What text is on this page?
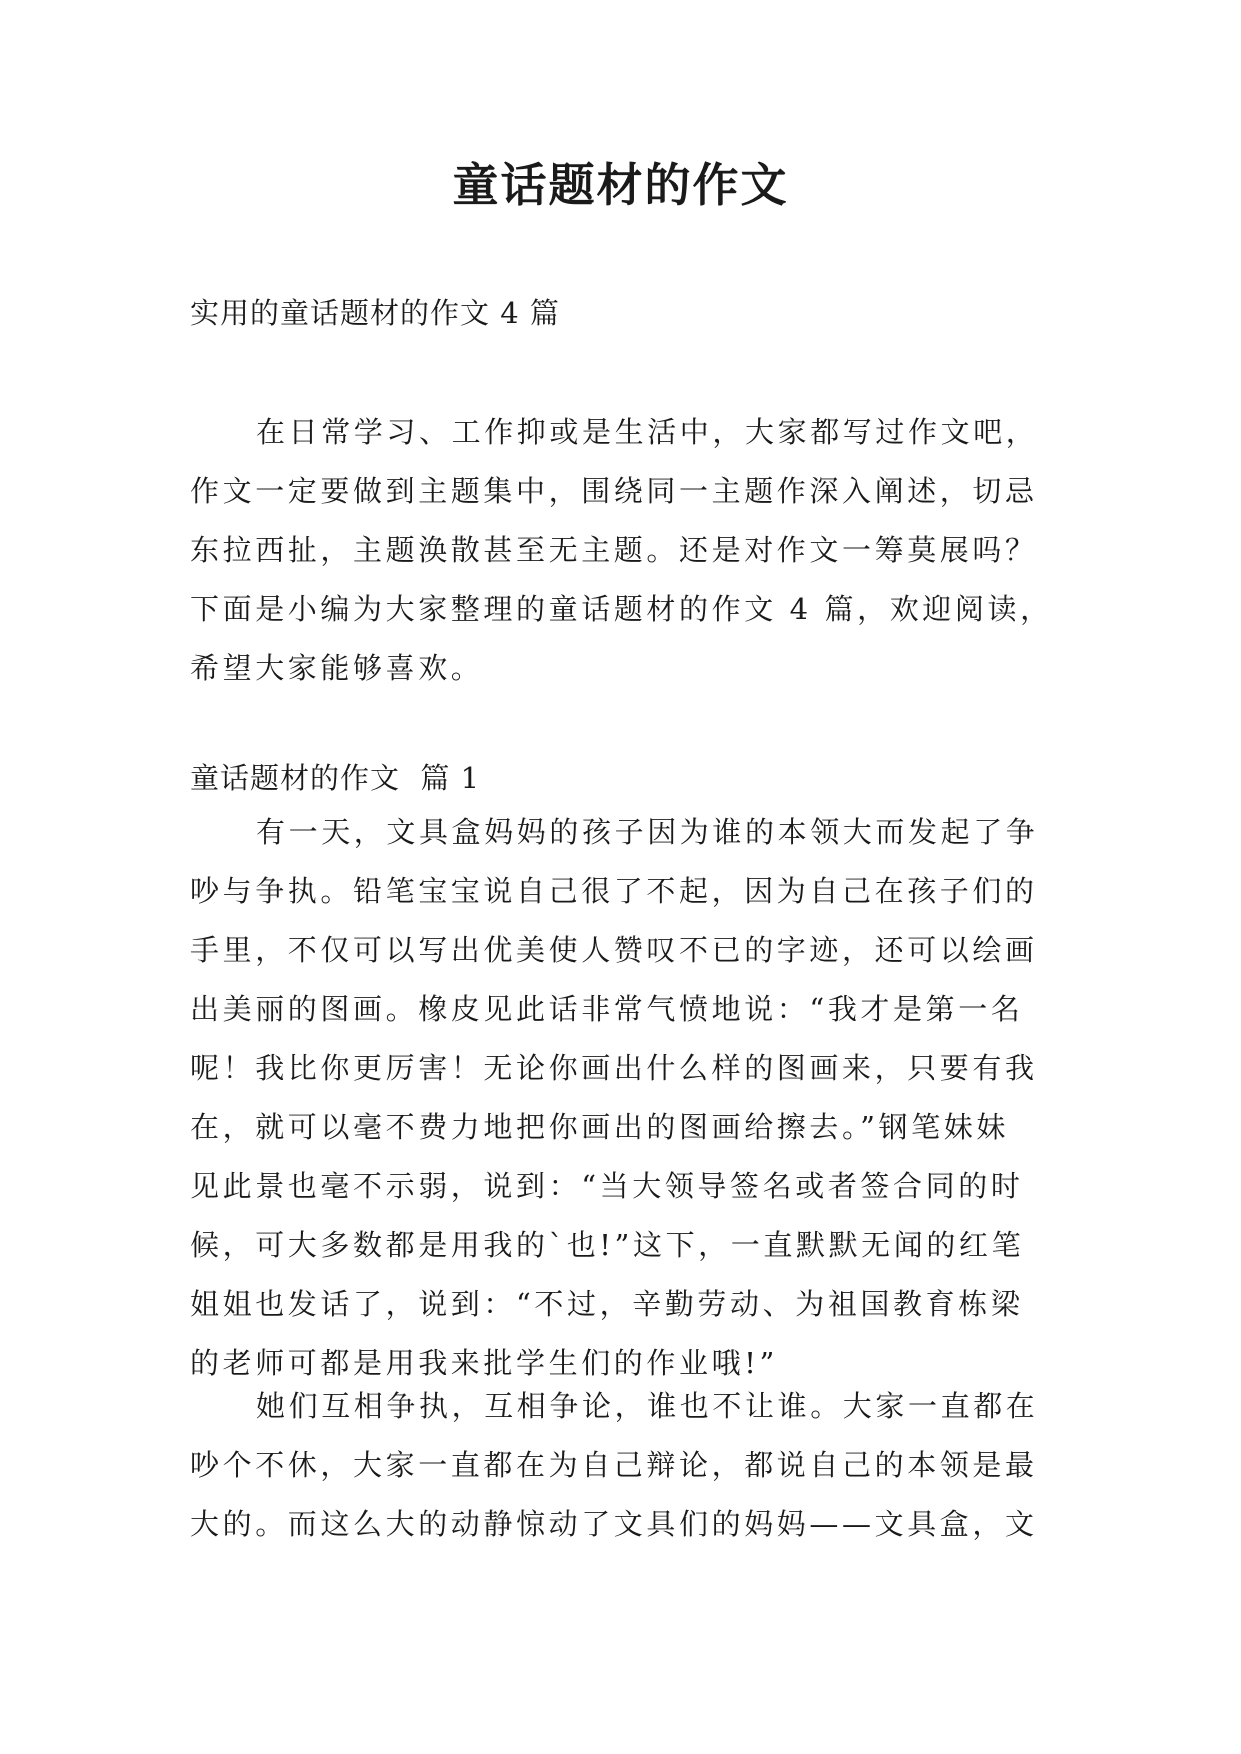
童话题材的作文
实用的童话题材的作文 4 篇
在日常学习、工作抑或是生活中，大家都写过作文吧，
作文一定要做到主题集中，围绕同一主题作深入阐述，切忌
东拉西扯，主题涣散甚至无主题。还是对作文一筹莫展吗？
下面是小编为大家整理的童话题材的作文 4 篇，欢迎阅读，
希望大家能够喜欢。
童话题材的作文  篇 1
有一天，文具盒妈妈的孩子因为谁的本领大而发起了争
吵与争执。铅笔宝宝说自己很了不起，因为自己在孩子们的
手里，不仅可以写出优美使人赞叹不已的字迹，还可以绘画
出美丽的图画。橡皮见此话非常气愤地说：“我才是第一名
呢！我比你更厉害！无论你画出什么样的图画来，只要有我
在，就可以毫不费力地把你画出的图画给擦去。”钢笔妹妹
见此景也毫不示弱，说到：“当大领导签名或者签合同的时
候，可大多数都是用我的`也!”这下，一直默默无闻的红笔
姐姐也发话了，说到：“不过，辛勤劳动、为祖国教育栋梁
的老师可都是用我来批学生们的作业哦!”
她们互相争执，互相争论，谁也不让谁。大家一直都在
吵个不休，大家一直都在为自己辩论，都说自己的本领是最
大的。而这么大的动静惊动了文具们的妈妈——文具盒，文
